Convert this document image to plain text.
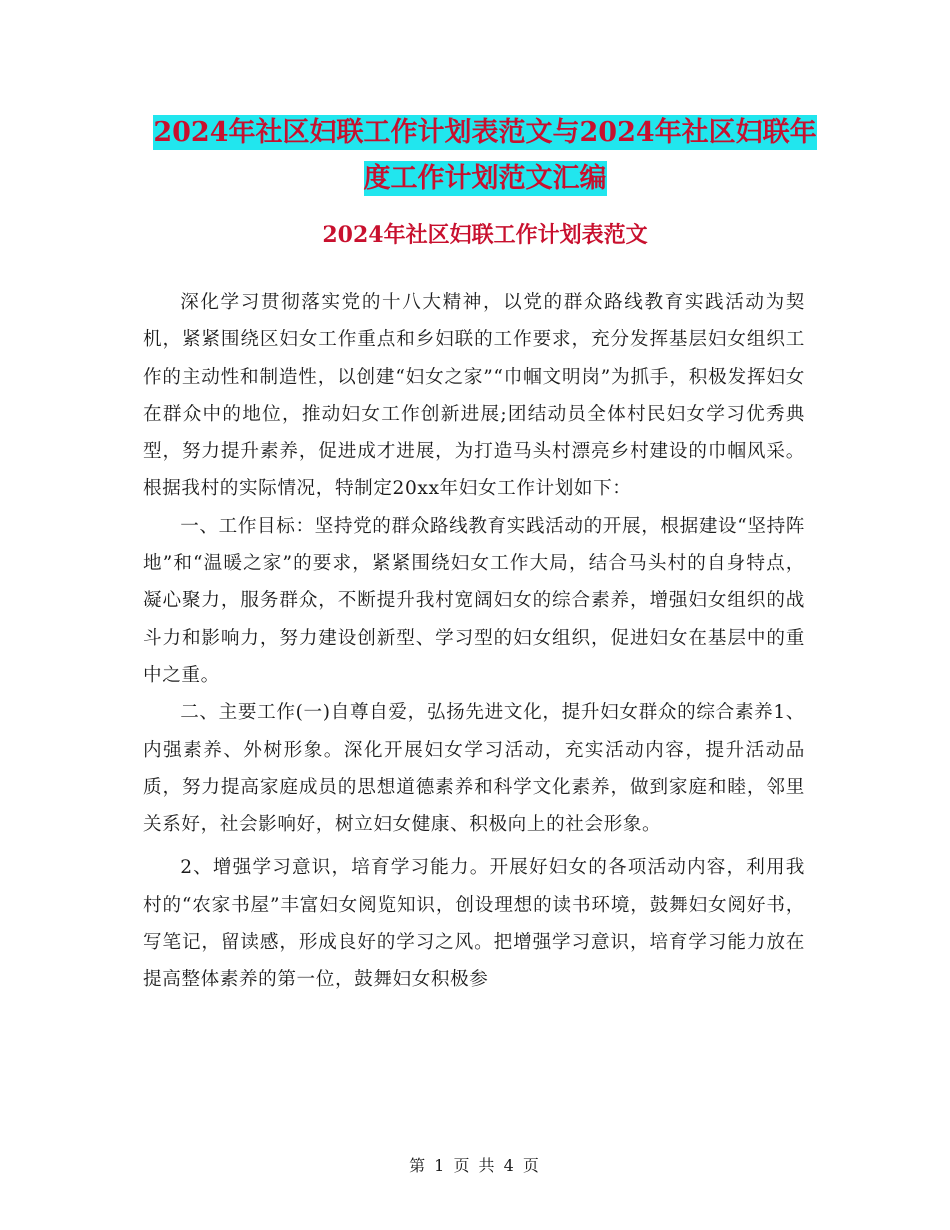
2024年社区妇联工作计划表范文与2024年社区妇联年度工作计划范文汇编
2024年社区妇联工作计划表范文

深化学习贯彻落实党的十八大精神，以党的群众路线教育实践活动为契机，紧紧围绕区妇女工作重点和乡妇联的工作要求，充分发挥基层妇女组织工作的主动性和制造性，以创建“妇女之家”“巾帼文明岗”为抓手，积极发挥妇女在群众中的地位，推动妇女工作创新进展;团结动员全体村民妇女学习优秀典型，努力提升素养，促进成才进展，为打造马头村漂亮乡村建设的巾帼风采。根据我村的实际情况，特制定20xx年妇女工作计划如下：

一、工作目标：坚持党的群众路线教育实践活动的开展，根据建设“坚持阵地”和“温暖之家”的要求，紧紧围绕妇女工作大局，结合马头村的自身特点，凝心聚力，服务群众，不断提升我村宽阔妇女的综合素养，增强妇女组织的战斗力和影响力，努力建设创新型、学习型的妇女组织，促进妇女在基层中的重中之重。

二、主要工作(一)自尊自爱，弘扬先进文化，提升妇女群众的综合素养1、内强素养、外树形象。深化开展妇女学习活动，充实活动内容，提升活动品质，努力提高家庭成员的思想道德素养和科学文化素养，做到家庭和睦，邻里关系好，社会影响好，树立妇女健康、积极向上的社会形象。

2、增强学习意识，培育学习能力。开展好妇女的各项活动内容，利用我村的“农家书屋”丰富妇女阅览知识，创设理想的读书环境，鼓舞妇女阅好书，写笔记，留读感，形成良好的学习之风。把增强学习意识，培育学习能力放在提高整体素养的第一位，鼓舞妇女积极参

第 1 页 共 4 页
